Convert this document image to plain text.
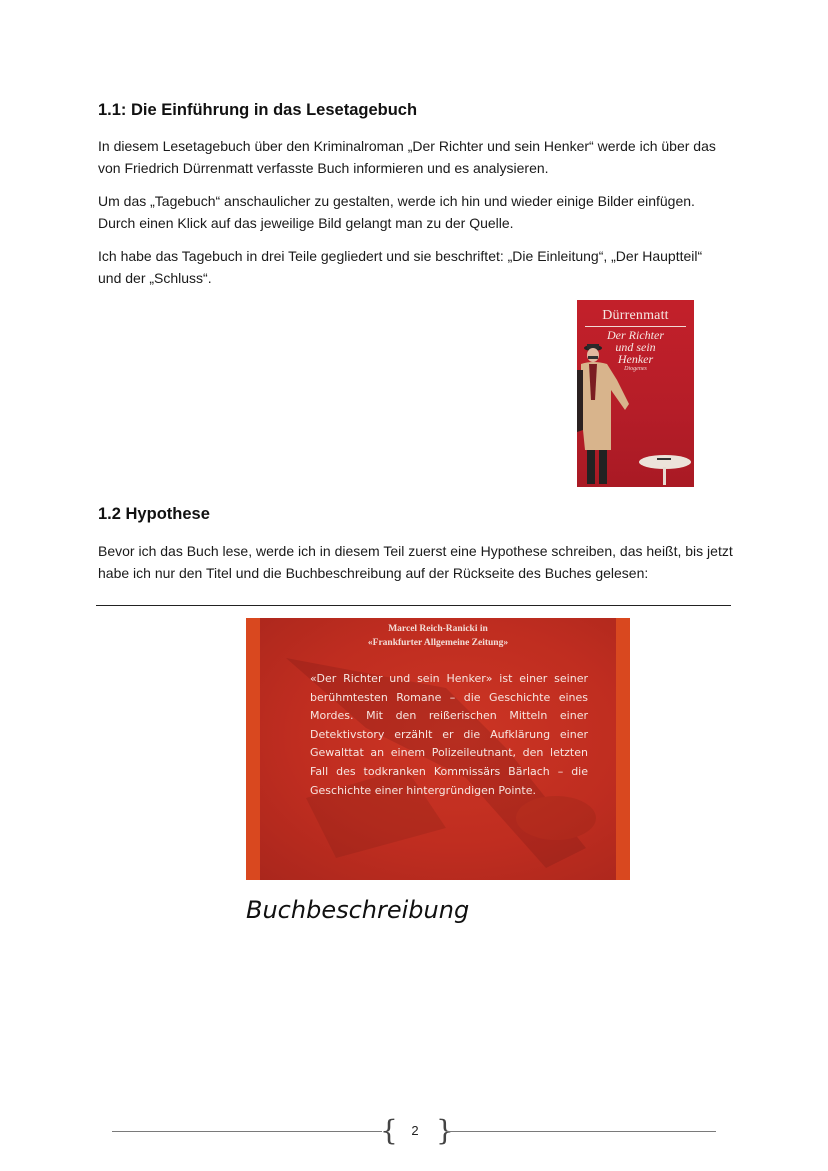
1.1: Die Einführung in das Lesetagebuch

In diesem Lesetagebuch über den Kriminalroman „Der Richter und sein Henker“ werde ich über das von Friedrich Dürrenmatt verfasste Buch informieren und es analysieren.

Um das „Tagebuch“ anschaulicher zu gestalten, werde ich hin und wieder einige Bilder einfügen. Durch einen Klick auf das jeweilige Bild gelangt man zu der Quelle.

Ich habe das Tagebuch in drei Teile gegliedert und sie beschriftet: „Die Einleitung“, „Der Hauptteil“ und der „Schluss“.

Dürrenmatt
Der Richter
und sein
Henker
Diogenes
1.2 Hypothese

Bevor ich das Buch lese, werde ich in diesem Teil zuerst eine Hypothese schreiben, das heißt, bis jetzt habe ich nur den Titel und die Buchbeschreibung auf der Rückseite des Buches gelesen:

Marcel Reich-Ranicki in
«Frankfurter Allgemeine Zeitung»
«Der Richter und sein Henker» ist einer seiner berühmtesten Romane – die Geschichte eines Mordes. Mit den reißerischen Mitteln einer Detektivstory erzählt er die Aufklärung einer Gewalttat an einem Polizeileutnant, den letzten Fall des todkranken Kommissärs Bärlach – die Geschichte einer hintergründigen Pointe.
Buchbeschreibung
{	2 }
